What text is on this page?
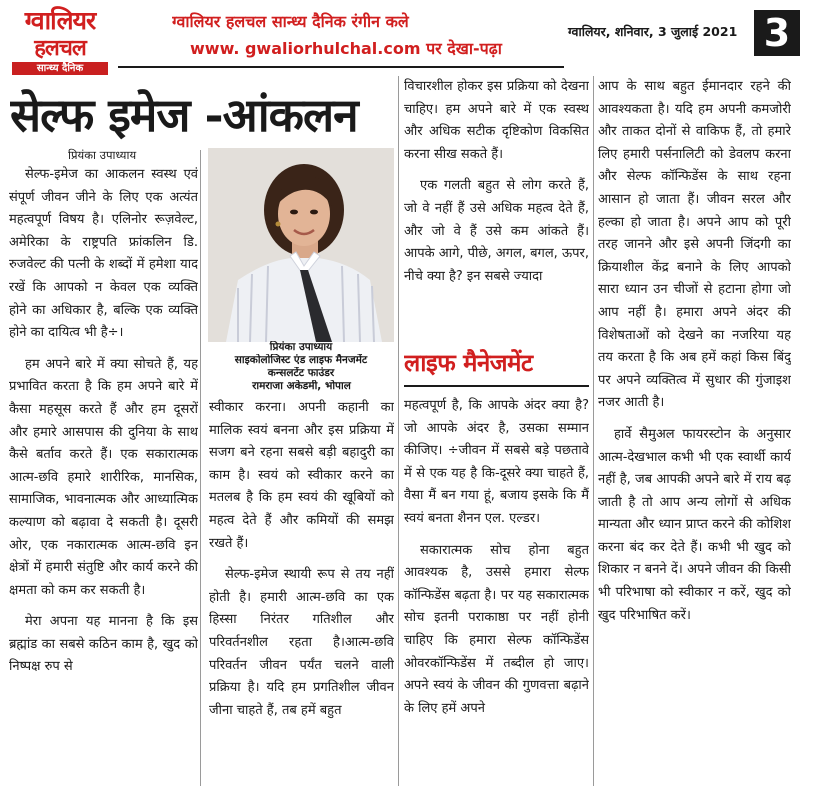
ग्वालियर
हलचल
सान्ध्य दैनिक
ग्वालियर हलचल सान्ध्य दैनिक रंगीन कले
www. gwaliorhulchal.com पर देखा-पढ़ा
ग्वालियर, शनिवार, 3 जुलाई 2021 3
सेल्फ इमेज -आंकलन
प्रियंका उपाध्याय

सेल्फ-इमेज का आकलन स्वस्थ एवं संपूर्ण जीवन जीने के लिए एक अत्यंत महत्वपूर्ण विषय है। एलिनोर रूज़वेल्ट, अमेरिका के राष्ट्रपति फ्रांकलिन डि. रुजवेल्ट की पत्नी के शब्दों में हमेशा याद रखें कि आपको न केवल एक व्यक्ति होने का अधिकार है, बल्कि एक व्यक्ति होने का दायित्व भी है÷।

हम अपने बारे में क्या सोचते हैं, यह प्रभावित करता है कि हम अपने बारे में कैसा महसूस करते हैं और हम दूसरों और हमारे आसपास की दुनिया के साथ कैसे बर्ताव करते हैं। एक सकारात्मक आत्म-छवि हमारे शारीरिक, मानसिक, सामाजिक, भावनात्मक और आध्यात्मिक कल्याण को बढ़ावा दे सकती है। दूसरी ओर, एक नकारात्मक आत्म-छवि इन क्षेत्रों में हमारी संतुष्टि और कार्य करने की क्षमता को कम कर सकती है।

मेरा अपना यह मानना है कि इस ब्रह्मांड का सबसे कठिन काम है, खुद को निष्पक्ष रुप से

प्रियंका उपाध्याय
साइकोलोजिस्ट एंड लाइफ मैनजमेंट
कन्सलटेंट फाउंडर

रामराजा अकेडमी, भोपाल

स्वीकार करना। अपनी कहानी का मालिक स्वयं बनना और इस प्रक्रिया में सजग बने रहना सबसे बड़ी बहादुरी का काम है। स्वयं को स्वीकार करने का मतलब है कि हम स्वयं की खूबियों को महत्व देते हैं और कमियों की समझ रखते हैं।

सेल्फ-इमेज स्थायी रूप से तय नहीं होती है। हमारी आत्म-छवि का एक हिस्सा निरंतर गतिशील और परिवर्तनशील रहता है।आत्म-छवि परिवर्तन जीवन पर्यंत चलने वाली प्रक्रिया है। यदि हम प्रगतिशील जीवन जीना चाहते हैं, तब हमें बहुत

विचारशील होकर इस प्रक्रिया को देखना चाहिए। हम अपने बारे में एक स्वस्थ और अधिक सटीक दृष्टिकोण विकसित करना सीख सकते हैं।

एक गलती बहुत से लोग करते हैं, जो वे नहीं हैं उसे अधिक महत्व देते हैं, और जो वे हैं उसे कम आंकते हैं। आपके आगे, पीछे, अगल, बगल, ऊपर, नीचे क्या है? इन सबसे ज्यादा

लाइफ मैनेजमेंट

महत्वपूर्ण है, कि आपके अंदर क्या है? जो आपके अंदर है, उसका सम्मान कीजिए। ÷जीवन में सबसे बड़े पछतावे में से एक यह है कि-दूसरे क्या चाहते हैं, वैसा मैं बन गया हूं, बजाय इसके कि मैं स्वयं बनता शैनन एल. एल्डर।

सकारात्मक सोच होना बहुत आवश्यक है, उससे हमारा सेल्फ कॉन्फिडेंस बढ़ता है। पर यह सकारात्मक सोच इतनी पराकाष्ठा पर नहीं होनी चाहिए कि हमारा सेल्फ कॉन्फिडेंस ओवरकॉन्फिडेंस में तब्दील हो जाए। अपने स्वयं के जीवन की गुणवत्ता बढ़ाने के लिए हमें अपने

आप के साथ बहुत ईमानदार रहने की आवश्यकता है। यदि हम अपनी कमजोरी और ताकत दोनों से वाकिफ हैं, तो हमारे लिए हमारी पर्सनालिटी को डेवलप करना और सेल्फ कॉन्फिडेंस के साथ रहना आसान हो जाता हैं। जीवन सरल और हल्का हो जाता है। अपने आप को पूरी तरह जानने और इसे अपनी जिंदगी का क्रियाशील केंद्र बनाने के लिए आपको सारा ध्यान उन चीजों से हटाना होगा जो आप नहीं है। हमारा अपने अंदर की विशेषताओं को देखने का नजरिया यह तय करता है कि अब हमें कहां किस बिंदु पर अपने व्यक्तित्व में सुधार की गुंजाइश नजर आती है।

हार्वे सैमुअल फायरस्टोन के अनुसार आत्म-देखभाल कभी भी एक स्वार्थी कार्य नहीं है, जब आपकी अपने बारे में राय बढ़ जाती है तो आप अन्य लोगों से अधिक मान्यता और ध्यान प्राप्त करने की कोशिश करना बंद कर देते हैं। कभी भी खुद को शिकार न बनने दें। अपने जीवन की किसी भी परिभाषा को स्वीकार न करें, खुद को खुद परिभाषित करें।
